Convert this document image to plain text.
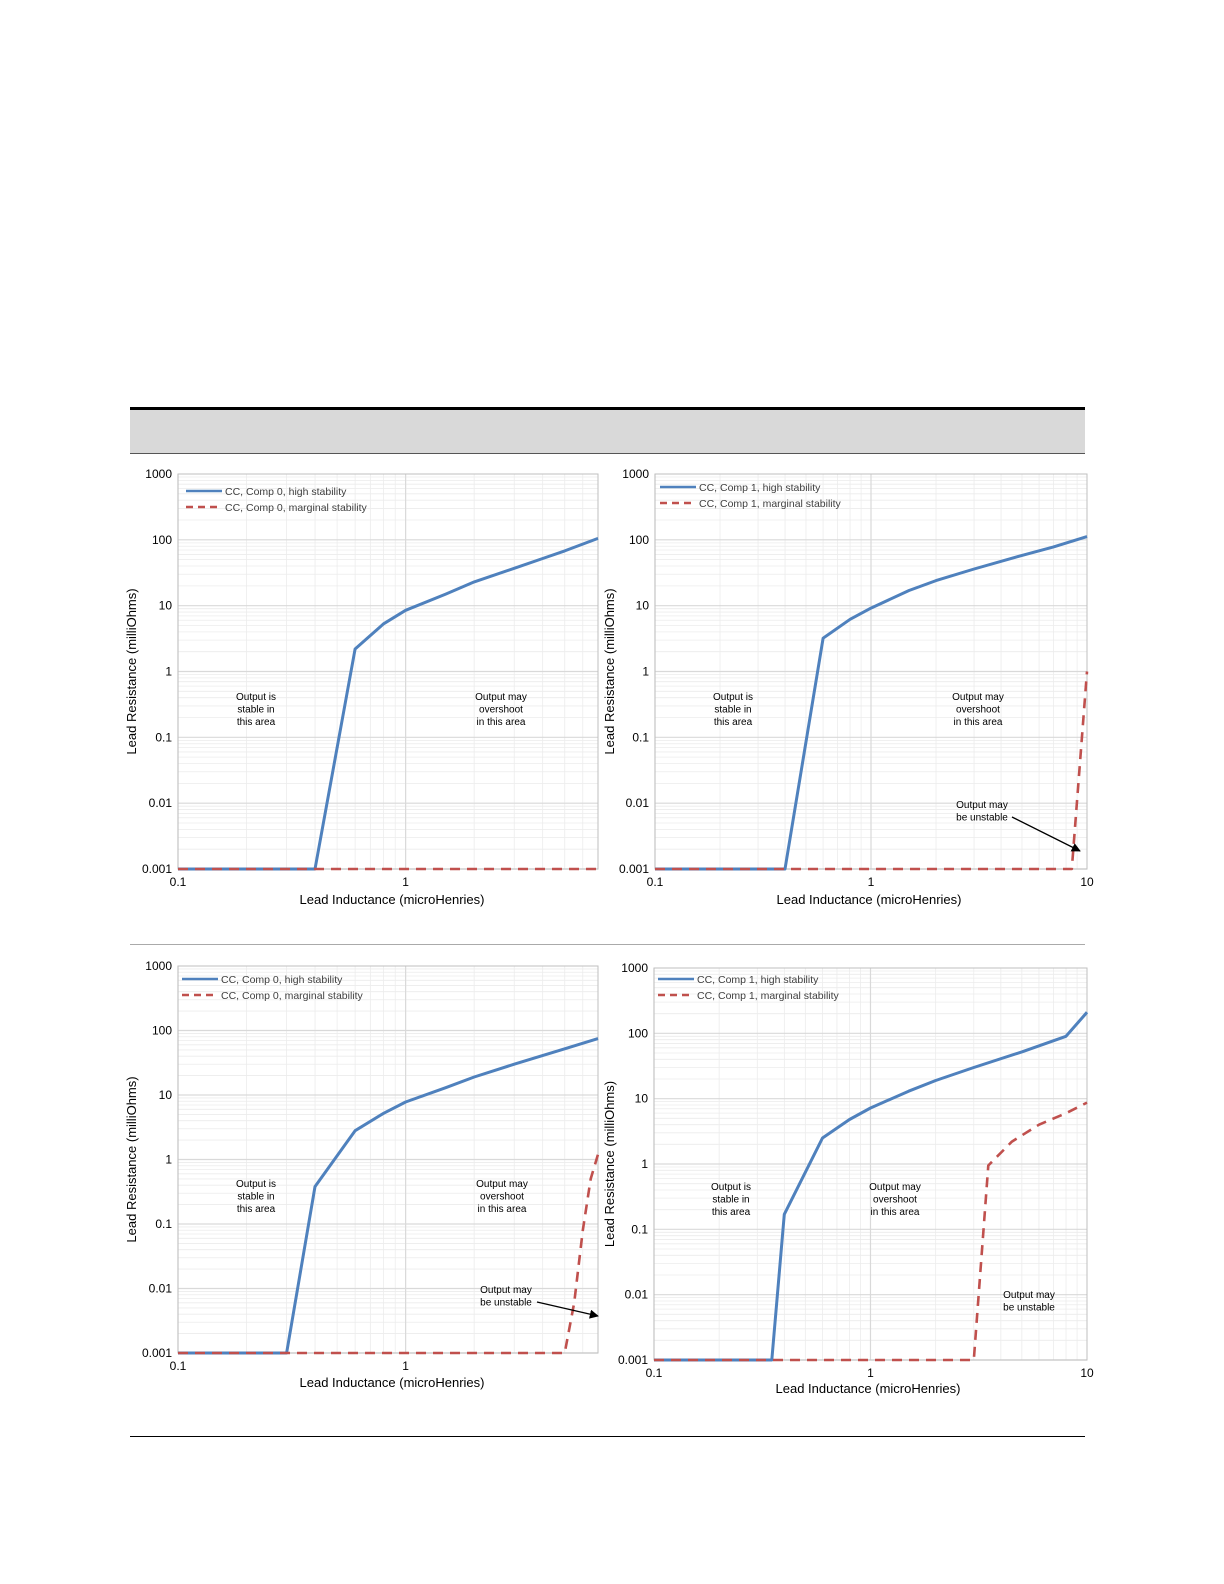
1000
100
10
1
0.1
0.01
0.001
0.1	1
Lead Inductance (microHenries)
Lead Resistance (milliOhms)
CC, Comp 0, high stability
CC, Comp 0, marginal stability
Output is stable in this area
Output may overshoot in this area
1000
100
10
1
0.1
0.01
0.001
0.1	1	10
Lead Inductance (microHenries)
Lead Resistance (milliOhms)
CC, Comp 1, high stability
CC, Comp 1, marginal stability
Output is stable in this area
Output may overshoot in this area
Output may be unstable
1000
100
10
1
0.1
0.01
0.001
0.1	1
Lead Inductance (microHenries)
Lead Resistance (milliOhms)
CC, Comp 0, high stability
CC, Comp 0, marginal stability
Output is stable in this area
Output may overshoot in this area
Output may be unstable
1000
100
10
1
0.1
0.01
0.001
0.1	1	10
Lead Inductance (microHenries)
Lead Resistance (milliOhms)
CC, Comp 1, high stability
CC, Comp 1, marginal stability
Output is stable in this area
Output may overshoot in this area
Output may be unstable
